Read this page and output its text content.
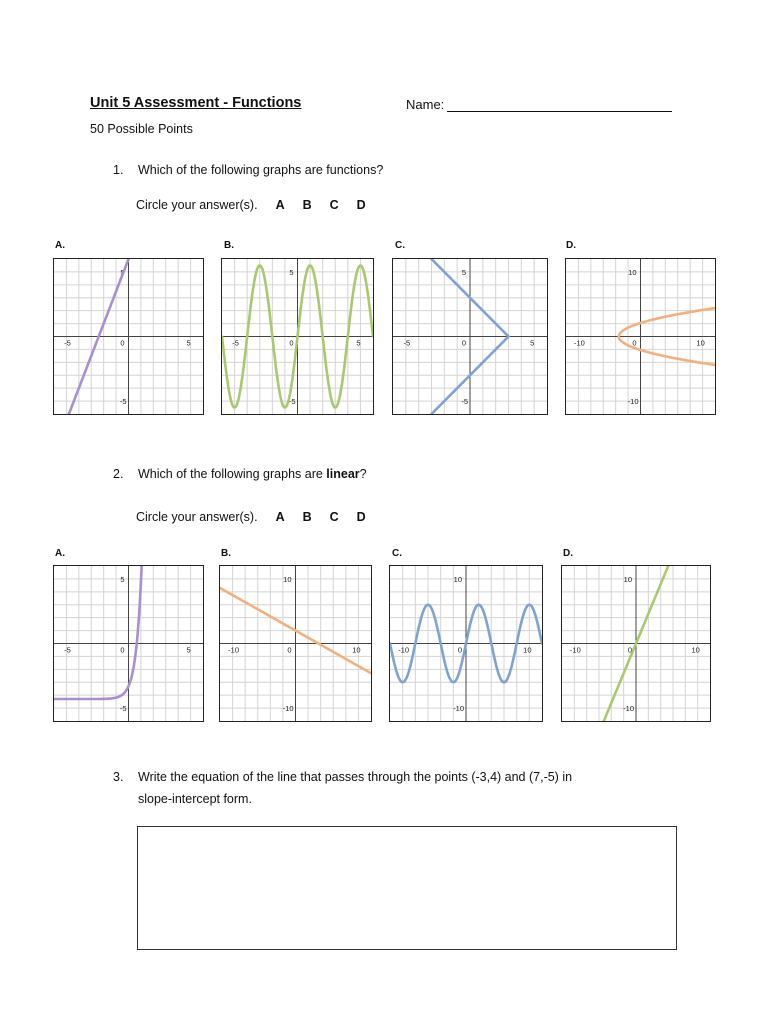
Unit 5 Assessment - Functions	Name:
50 Possible Points
1. Which of the following graphs are functions?
Circle your answer(s). A B C D
A.	B.	C.	D.
-5	0	5
5
-5
-5	0	5
5
-5
-5	0	5
5
-5
-10	0	10
10
-10
2. Which of the following graphs are linear?
Circle your answer(s). A B C D
A.	B.	C.	D.
-5	0	5
5
-5
-10	0	10
10
-10
-10	0	10
10
-10
-10	0	10
10
-10
3. Write the equation of the line that passes through the points (-3,4) and (7,-5) in
slope-intercept form.
